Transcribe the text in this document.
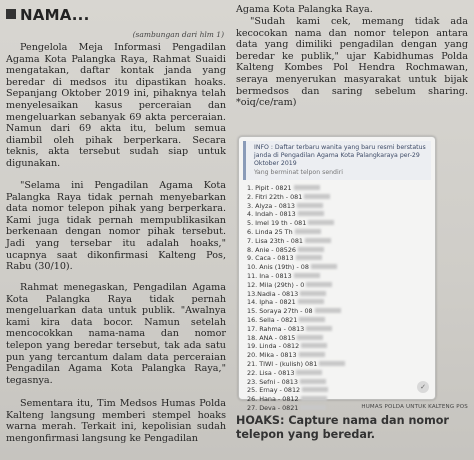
NAMA...
(sambungan dari hlm 1)

Pengelola Meja Informasi Pengadilan Agama Kota Palangka Raya, Rahmat Suaidi mengatakan, daftar kontak janda yang beredar di medsos itu dipastikan hoaks. Sepanjang Oktober 2019 ini, pihaknya telah menyelesaikan kasus perceraian dan mengeluarkan sebanyak 69 akta perceraian. Namun dari 69 akta itu, belum semua diambil oleh pihak berperkara. Secara teknis, akta tersebut sudah siap untuk digunakan.

"Selama ini Pengadilan Agama Kota Palangka Raya tidak pernah menyebarkan data nomor telepon pihak yang berperkara. Kami juga tidak pernah mempublikasikan berkenaan dengan nomor pihak tersebut. Jadi yang tersebar itu adalah hoaks," ucapnya saat dikonfirmasi Kalteng Pos, Rabu (30/10).

Rahmat menegaskan, Pengadilan Agama Kota Palangka Raya tidak pernah mengeluarkan data untuk publik. "Awalnya kami kira data bocor. Namun setelah mencocokkan nama-nama dan nomor telepon yang beredar tersebut, tak ada satu pun yang tercantum dalam data perceraian Pengadilan Agama Kota Palangka Raya," tegasnya.

Sementara itu, Tim Medsos Humas Polda Kalteng langsung memberi stempel hoaks warna merah. Terkait ini, kepolisian sudah mengonfirmasi langsung ke Pengadilan

Agama Kota Palangka Raya.

"Sudah kami cek, memang tidak ada kecocokan nama dan nomor telepon antara data yang dimiliki pengadilan dengan yang beredar ke publik," ujar Kabidhumas Polda Kalteng Kombes Pol Hendra Rochmawan, seraya menyerukan masyarakat untuk bijak bermedsos dan saring sebelum sharing. *oiq/ce/ram)

INFO : Daftar terbaru wanita yang baru resmi berstatus janda di Pengadilan Agama Kota Palangkaraya per-29 Oktober 2019
Yang berminat telpon sendiri
1. Pipit - 0821
2. Fitri 22th - 081
3. Alyza - 0813
4. Indah - 0813
5. Imel 19 th - 081
6. Linda 25 Th
7. Lisa 23th - 081
8. Anie - 08526
9. Caca - 0813
10. Anis (19th) - 08
11. Ina - 0813
12. Mila (29th) - 0
13.Nadia - 0813
14. Ipha - 0821
15. Soraya 27th - 08
16. Sella - 0821
17. Rahma - 0813
18. ANA - 0815
19. Linda - 0812
20. Mika - 0813
21. TIWI - (kulish) 081
22. Lisa - 0813
23. Sefni - 0813
25. Ernay - 0812
26. Hana - 0812
27. Deva - 0821
✓
HUMAS POLDA UNTUK KALTENG POS
HOAKS: Capture nama dan nomor telepon yang beredar.
